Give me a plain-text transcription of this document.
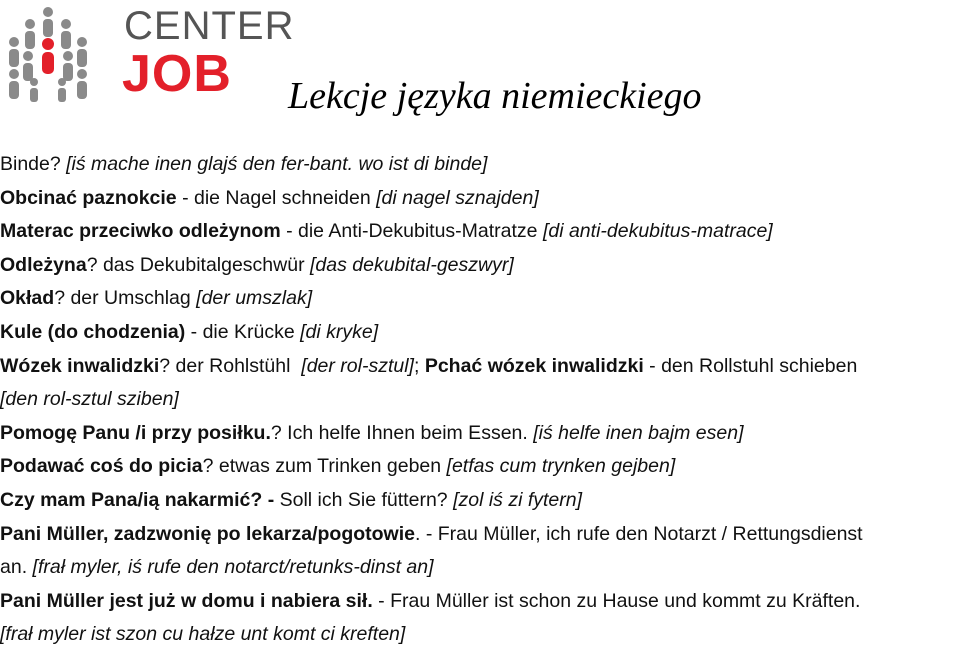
CENTER
JOB Lekcje języka niemieckiego

Binde? [iś mache inen glajś den fer-bant. wo ist di binde]

Obcinać paznokcie - die Nagel schneiden [di nagel sznajden]

Materac przeciwko odleżynom - die Anti-Dekubitus-Matratze [di anti-dekubitus-matrace]

Odleżyna? das Dekubitalgeschwür [das dekubital-geszwyr]

Okład? der Umschlag [der umszlak]

Kule (do chodzenia) - die Krücke [di kryke]

Wózek inwalidzki? der Rohlstühl  [der rol-sztul]; Pchać wózek inwalidzki - den Rollstuhl schieben

[den rol-sztul sziben]

Pomogę Panu /i przy posiłku.? Ich helfe Ihnen beim Essen. [iś helfe inen bajm esen]

Podawać coś do picia? etwas zum Trinken geben [etfas cum trynken gejben]

Czy mam Pana/ią nakarmić? - Soll ich Sie füttern? [zol iś zi fytern]

Pani Müller, zadzwonię po lekarza/pogotowie. - Frau Müller, ich rufe den Notarzt / Rettungsdienst

an. [frał myler, iś rufe den notarct/retunks-dinst an]

Pani Müller jest już w domu i nabiera sił. - Frau Müller ist schon zu Hause und kommt zu Kräften.

[frał myler ist szon cu hałze unt komt ci kreften]
